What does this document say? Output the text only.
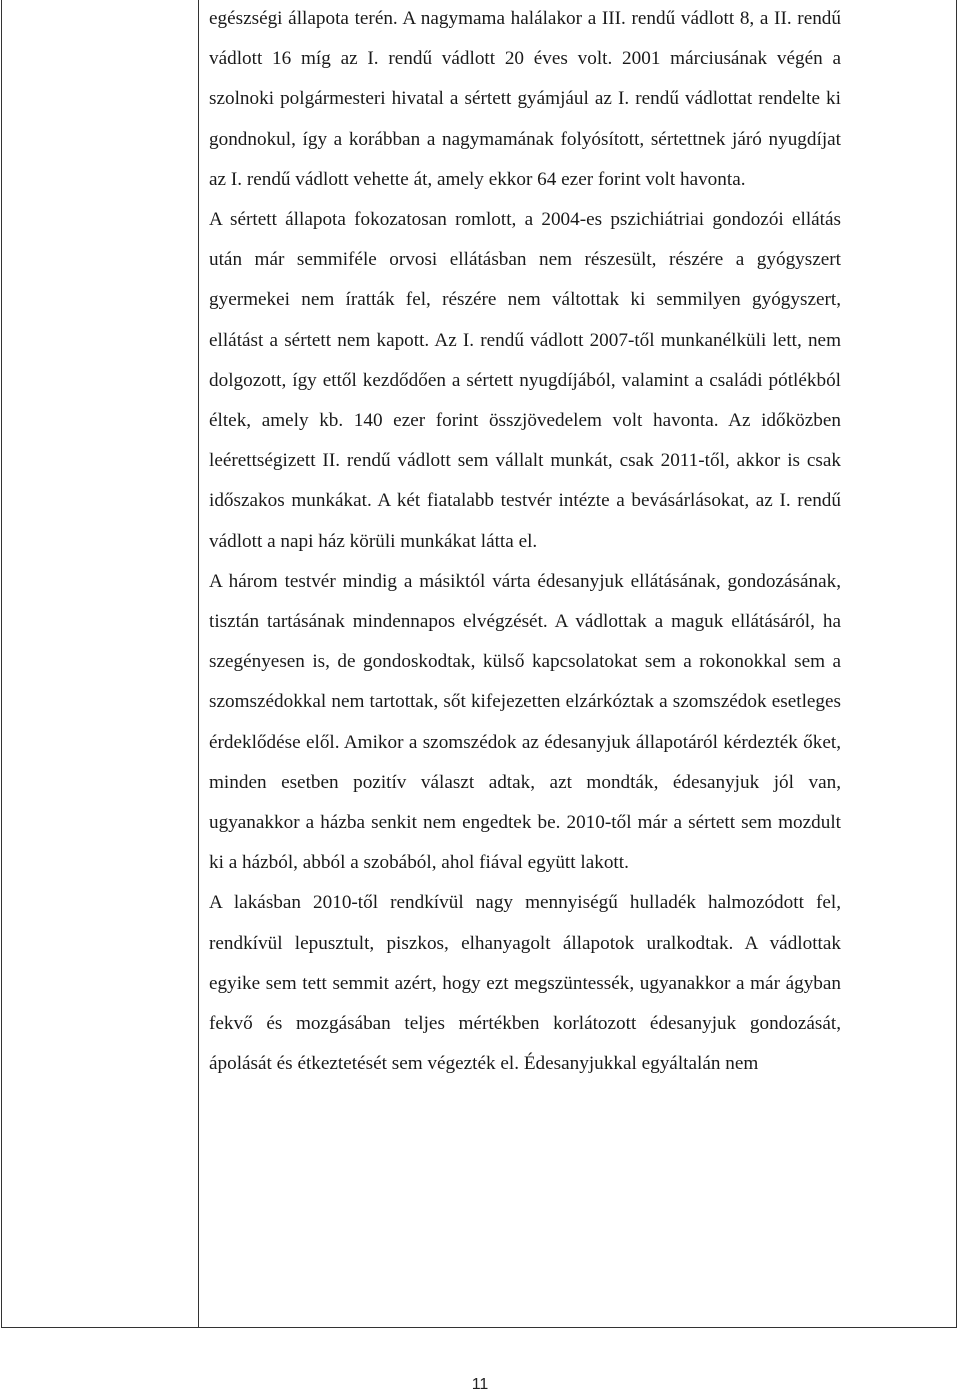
egészségi állapota terén. A nagymama halálakor a III. rendű vádlott 8, a II. rendű vádlott 16 míg az I. rendű vádlott 20 éves volt. 2001 márciusának végén a szolnoki polgármesteri hivatal a sértett gyámjául az I. rendű vádlottat rendelte ki gondnokul, így a korábban a nagymamának folyósított, sértettnek járó nyugdíjat az I. rendű vádlott vehette át, amely ekkor 64 ezer forint volt havonta.

A sértett állapota fokozatosan romlott, a 2004-es pszichiátriai gondozói ellátás után már semmiféle orvosi ellátásban nem részesült, részére a gyógyszert gyermekei nem íratták fel, részére nem váltottak ki semmilyen gyógyszert, ellátást a sértett nem kapott. Az I. rendű vádlott 2007-től munkanélküli lett, nem dolgozott, így ettől kezdődően a sértett nyugdíjából, valamint a családi pótlékból éltek, amely kb. 140 ezer forint összjövedelem volt havonta. Az időközben leérettségizett II. rendű vádlott sem vállalt munkát, csak 2011-től, akkor is csak időszakos munkákat. A két fiatalabb testvér intézte a bevásárlásokat, az I. rendű vádlott a napi ház körüli munkákat látta el.

A három testvér mindig a másiktól várta édesanyjuk ellátásának, gondozásának, tisztán tartásának mindennapos elvégzését. A vádlottak a maguk ellátásáról, ha szegényesen is, de gondoskodtak, külső kapcsolatokat sem a rokonokkal sem a szomszédokkal nem tartottak, sőt kifejezetten elzárkóztak a szomszédok esetleges érdeklődése elől. Amikor a szomszédok az édesanyjuk állapotáról kérdezték őket, minden esetben pozitív választ adtak, azt mondták, édesanyjuk jól van, ugyanakkor a házba senkit nem engedtek be. 2010-től már a sértett sem mozdult ki a házból, abból a szobából, ahol fiával együtt lakott.

A lakásban 2010-től rendkívül nagy mennyiségű hulladék halmozódott fel, rendkívül lepusztult, piszkos, elhanyagolt állapotok uralkodtak. A vádlottak egyike sem tett semmit azért, hogy ezt megszüntessék, ugyanakkor a már ágyban fekvő és mozgásában teljes mértékben korlátozott édesanyjuk gondozását, ápolását és étkeztetését sem végezték el. Édesanyjukkal egyáltalán nem

11
